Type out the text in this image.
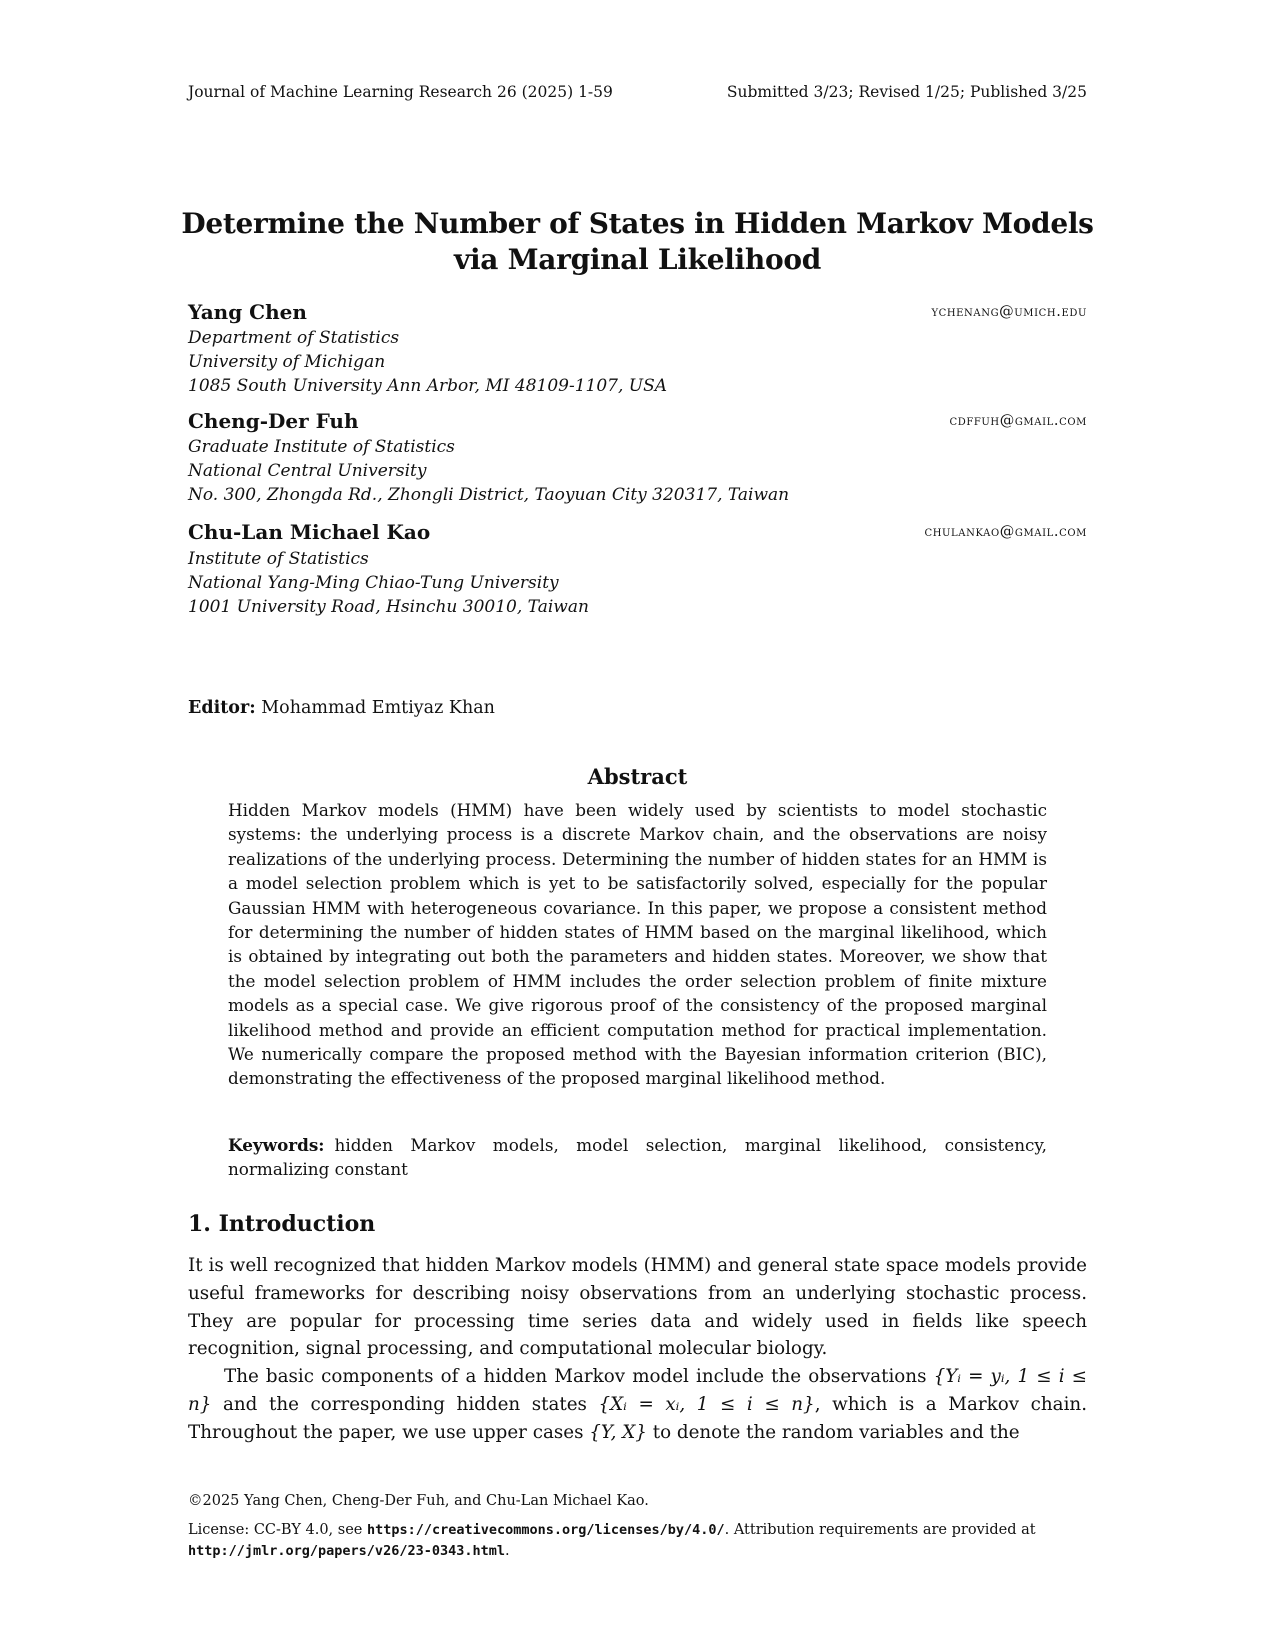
Journal of Machine Learning Research 26 (2025) 1-59	Submitted 3/23; Revised 1/25; Published 3/25
Determine the Number of States in Hidden Markov Models
via Marginal Likelihood
Yang Chen	ychenang@umich.edu
Department of Statistics
University of Michigan
1085 South University Ann Arbor, MI 48109-1107, USA
Cheng-Der Fuh	cdffuh@gmail.com
Graduate Institute of Statistics
National Central University
No. 300, Zhongda Rd., Zhongli District, Taoyuan City 320317, Taiwan
Chu-Lan Michael Kao	chulankao@gmail.com
Institute of Statistics
National Yang-Ming Chiao-Tung University
1001 University Road, Hsinchu 30010, Taiwan
Editor: Mohammad Emtiyaz Khan
Abstract
Hidden Markov models (HMM) have been widely used by scientists to model stochastic systems: the underlying process is a discrete Markov chain, and the observations are noisy realizations of the underlying process. Determining the number of hidden states for an HMM is a model selection problem which is yet to be satisfactorily solved, especially for the popular Gaussian HMM with heterogeneous covariance. In this paper, we propose a consistent method for determining the number of hidden states of HMM based on the marginal likelihood, which is obtained by integrating out both the parameters and hidden states. Moreover, we show that the model selection problem of HMM includes the order selection problem of finite mixture models as a special case. We give rigorous proof of the consistency of the proposed marginal likelihood method and provide an efficient computation method for practical implementation. We numerically compare the proposed method with the Bayesian information criterion (BIC), demonstrating the effectiveness of the proposed marginal likelihood method.
Keywords: hidden Markov models, model selection, marginal likelihood, consistency, normalizing constant
1. Introduction

It is well recognized that hidden Markov models (HMM) and general state space models provide useful frameworks for describing noisy observations from an underlying stochastic process. They are popular for processing time series data and widely used in fields like speech recognition, signal processing, and computational molecular biology.

The basic components of a hidden Markov model include the observations {Yᵢ = yᵢ, 1 ≤ i ≤ n} and the corresponding hidden states {Xᵢ = xᵢ, 1 ≤ i ≤ n}, which is a Markov chain. Throughout the paper, we use upper cases {Y, X} to denote the random variables and the

©2025 Yang Chen, Cheng-Der Fuh, and Chu-Lan Michael Kao.
License: CC-BY 4.0, see https://creativecommons.org/licenses/by/4.0/. Attribution requirements are provided at http://jmlr.org/papers/v26/23-0343.html.
